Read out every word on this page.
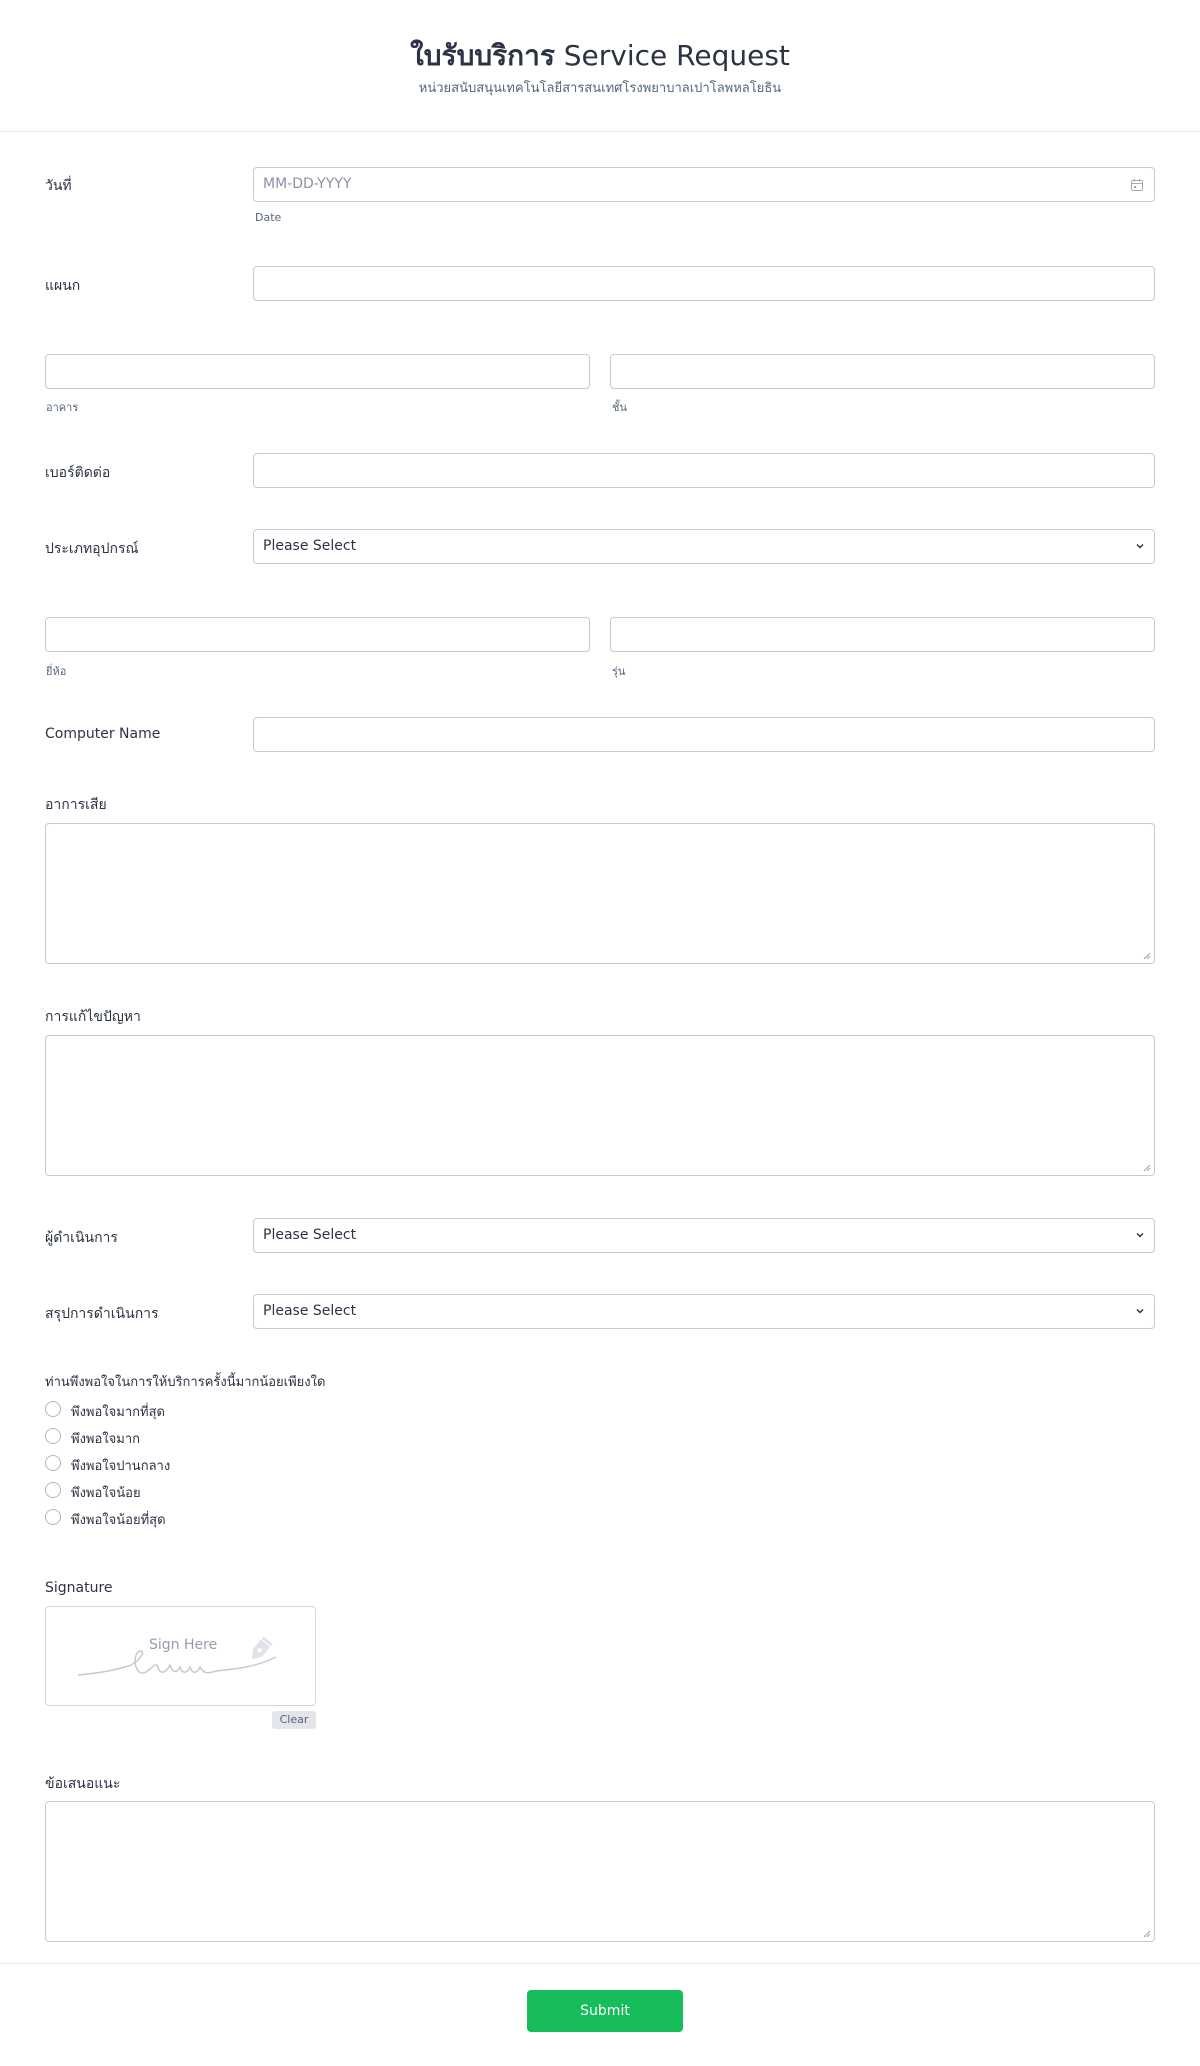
ใบรับบริการ Service Request
หน่วยสนับสนุนเทคโนโลยีสารสนเทศโรงพยาบาลเปาโลพหลโยธิน
วันที่	MM-DD-YYYY
Date
แผนก
อาคาร	ชั้น
เบอร์ติดต่อ
ประเภทอุปกรณ์	Please Select
ยี่ห้อ	รุ่น
Computer Name
อาการเสีย
การแก้ไขปัญหา
ผู้ดำเนินการ	Please Select
สรุปการดำเนินการ	Please Select
ท่านพึงพอใจในการให้บริการครั้งนี้มากน้อยเพียงใด
พึงพอใจมากที่สุด
พึงพอใจมาก
พึงพอใจปานกลาง
พึงพอใจน้อย
พึงพอใจน้อยที่สุด
Signature
Sign Here
Clear
ข้อเสนอแนะ
Submit
